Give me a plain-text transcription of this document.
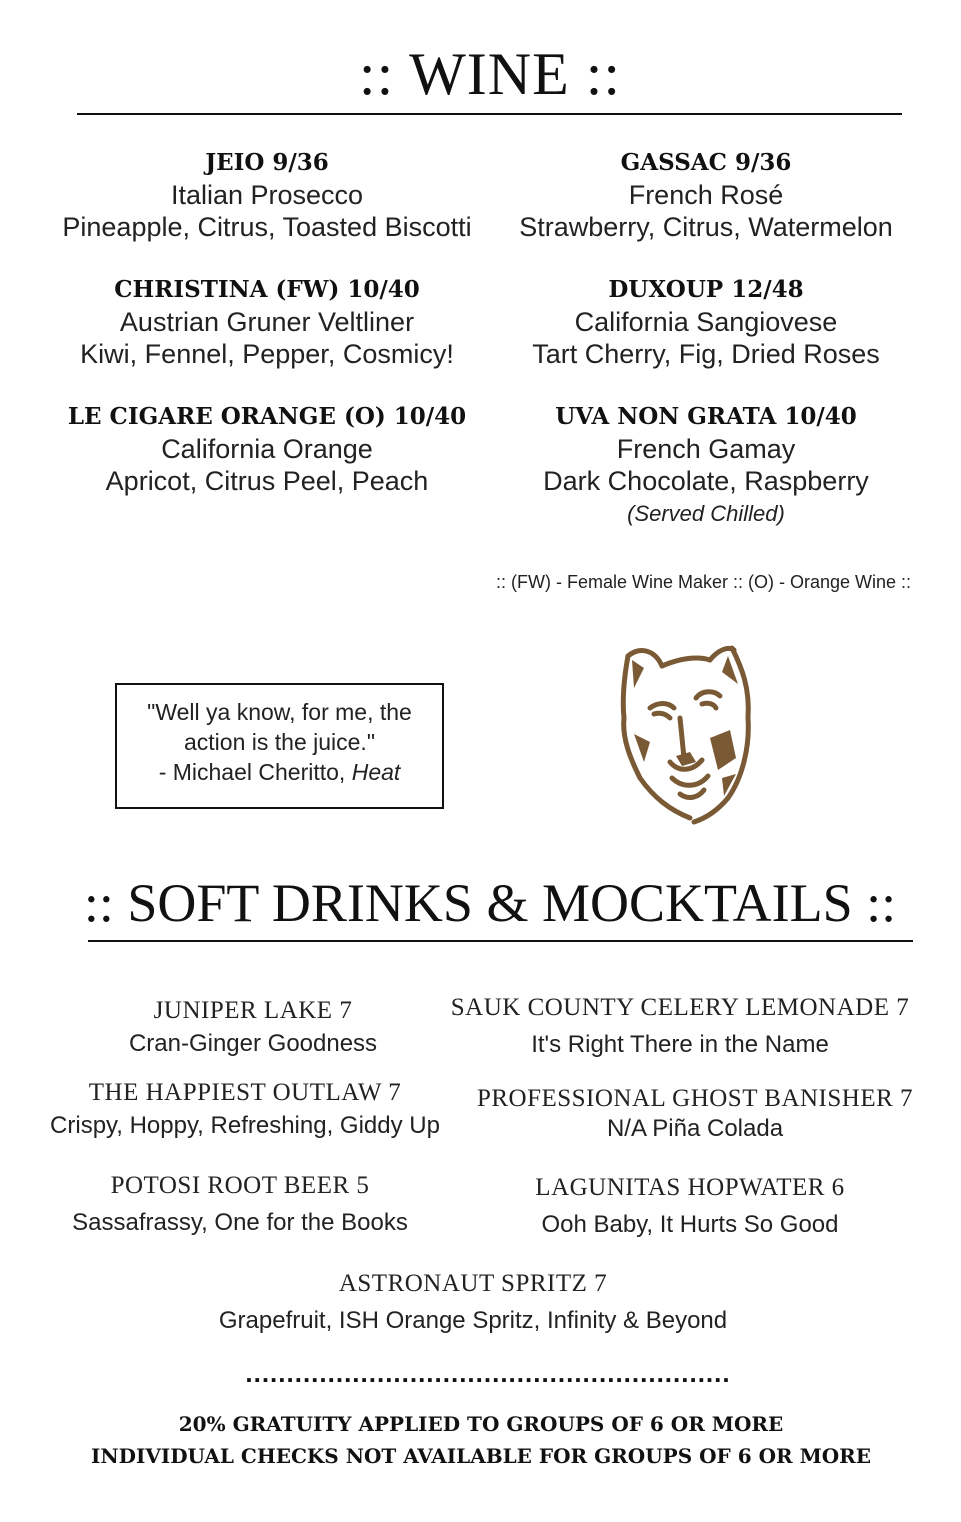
:: WINE ::
JEIO 9/36
Italian Prosecco
Pineapple, Citrus, Toasted Biscotti
CHRISTINA (FW) 10/40
Austrian Gruner Veltliner
Kiwi, Fennel, Pepper, Cosmicy!
LE CIGARE ORANGE (O) 10/40
California Orange
Apricot, Citrus Peel, Peach
GASSAC 9/36
French Rosé
Strawberry, Citrus, Watermelon
DUXOUP 12/48
California Sangiovese
Tart Cherry, Fig, Dried Roses
UVA NON GRATA 10/40
French Gamay
Dark Chocolate, Raspberry
(Served Chilled)
:: (FW) - Female Wine Maker :: (O) - Orange Wine ::
"Well ya know, for me, the
action is the juice."
- Michael Cheritto, Heat
:: SOFT DRINKS & MOCKTAILS ::
JUNIPER LAKE 7
Cran-Ginger Goodness
SAUK COUNTY CELERY LEMONADE 7
It's Right There in the Name
THE HAPPIEST OUTLAW 7
Crispy, Hoppy, Refreshing, Giddy Up
PROFESSIONAL GHOST BANISHER 7
N/A Piña Colada
POTOSI ROOT BEER 5
Sassafrassy, One for the Books
LAGUNITAS HOPWATER 6
Ooh Baby, It Hurts So Good
ASTRONAUT SPRITZ 7
Grapefruit, ISH Orange Spritz, Infinity & Beyond
...........................................................
20% GRATUITY APPLIED TO GROUPS OF 6 OR MORE
INDIVIDUAL CHECKS NOT AVAILABLE FOR GROUPS OF 6 OR MORE
